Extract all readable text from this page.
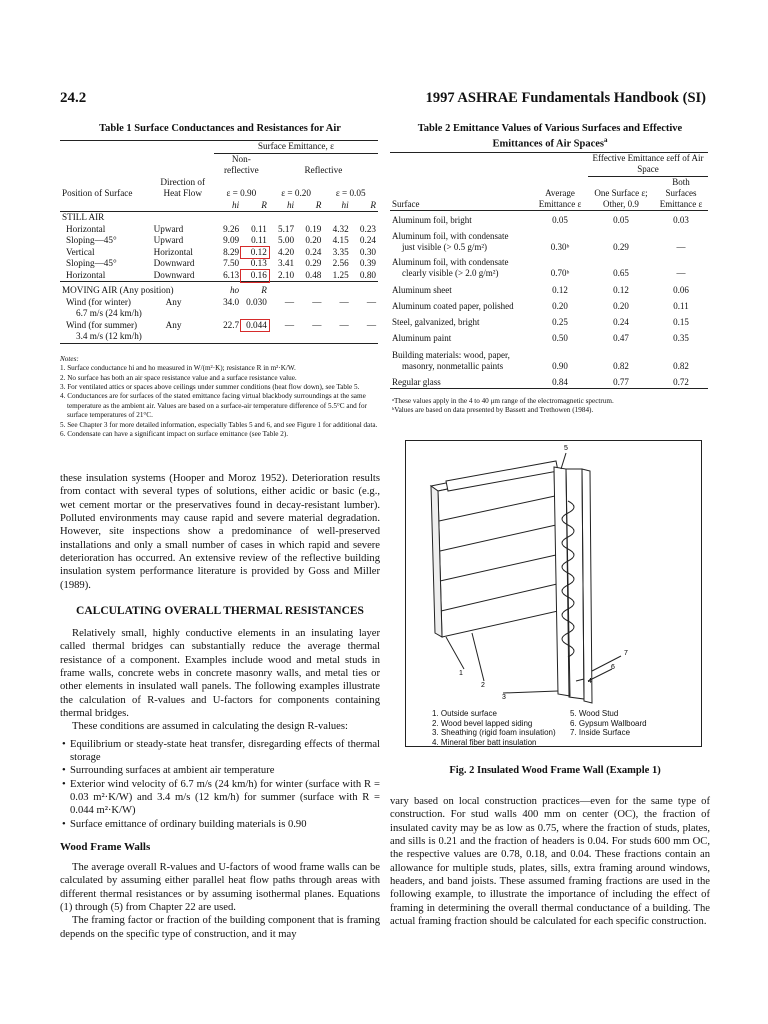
24.2	1997 ASHRAE Fundamentals Handbook (SI)
Table 1 Surface Conductances and Resistances for Air
		Surface Emittance, ε					
		Non-reflective		Reflective			
Position of Surface	Direction of Heat Flow	ε = 0.90		ε = 0.20		ε = 0.05	
		hi	R	hi	R	hi	R
STILL AIR							
Horizontal	Upward	9.26	0.11	5.17	0.19	4.32	0.23
Sloping—45°	Upward	9.09	0.11	5.00	0.20	4.15	0.24
Vertical	Horizontal	8.29	0.12	4.20	0.24	3.35	0.30
Sloping—45°	Downward	7.50	0.13	3.41	0.29	2.56	0.39
Horizontal	Downward	6.13	0.16	2.10	0.48	1.25	0.80
MOVING AIR (Any position)		ho	R				
Wind (for winter)	Any	34.0	0.030	—	—	—	—
6.7 m/s (24 km/h)							
Wind (for summer)	Any	22.7	0.044	—	—	—	—
3.4 m/s (12 km/h)							
Notes:
1. Surface conductance hi and ho measured in W/(m²·K); resistance R in m²·K/W.
2. No surface has both an air space resistance value and a surface resistance value.
3. For ventilated attics or spaces above ceilings under summer conditions (heat flow down), see Table 5.
4. Conductances are for surfaces of the stated emittance facing virtual blackbody surroundings at the same temperature as the ambient air. Values are based on a surface-air temperature difference of 5.5°C and for surface temperatures of 21°C.
5. See Chapter 3 for more detailed information, especially Tables 5 and 6, and see Figure 1 for additional data.
6. Condensate can have a significant impact on surface emittance (see Table 2).

these insulation systems (Hooper and Moroz 1952). Deterioration results from contact with several types of solutions, either acidic or basic (e.g., wet cement mortar or the preservatives found in decay-resistant lumber). Polluted environments may cause rapid and severe material degradation. However, site inspections show a predominance of well-preserved installations and only a small number of cases in which rapid and severe deterioration has occurred. An extensive review of the reflective building insulation system performance literature is provided by Goss and Miller (1989).

CALCULATING OVERALL THERMAL RESISTANCES

Relatively small, highly conductive elements in an insulating layer called thermal bridges can substantially reduce the average thermal resistance of a component. Examples include wood and metal studs in frame walls, concrete webs in concrete masonry walls, and metal ties or other elements in insulated wall panels. The following examples illustrate the calculation of R-values and U-factors for components containing thermal bridges.

These conditions are assumed in calculating the design R-values:

• Equilibrium or steady-state heat transfer, disregarding effects of thermal storage
• Surrounding surfaces at ambient air temperature
• Exterior wind velocity of 6.7 m/s (24 km/h) for winter (surface with R = 0.03 m²·K/W) and 3.4 m/s (12 km/h) for summer (surface with R = 0.044 m²·K/W)
• Surface emittance of ordinary building materials is 0.90
Wood Frame Walls

The average overall R-values and U-factors of wood frame walls can be calculated by assuming either parallel heat flow paths through areas with different thermal resistances or by assuming isothermal planes. Equations (1) through (5) from Chapter 22 are used.

The framing factor or fraction of the building component that is framing depends on the specific type of construction, and it may

Table 2 Emittance Values of Various Surfaces and Effective Emittances of Air Spaces$^a$
		Effective Emittance εeff of Air Space	
Surface	Average Emittance ε	One Surface ε; Other, 0.9	Both Surfaces Emittance ε
Aluminum foil, bright	0.05	0.05	0.03

Aluminum foil, with condensate
just visible (> 0.5 g/m²)	0.30ᵇ	0.29	—

Aluminum foil, with condensate
clearly visible (> 2.0 g/m²)	0.70ᵇ	0.65	—
Aluminum sheet	0.12	0.12	0.06
Aluminum coated paper, polished	0.20	0.20	0.11
Steel, galvanized, bright	0.25	0.24	0.15
Aluminum paint	0.50	0.47	0.35

Building materials: wood, paper,
masonry, nonmetallic paints	0.90	0.82	0.82
Regular glass	0.84	0.77	0.72
ᵃThese values apply in the 4 to 40 μm range of the electromagnetic spectrum.
ᵇValues are based on data presented by Bassett and Trethowen (1984).
5
7
6
1
2
3
4
1. Outside surface	5. Wood Stud
2. Wood bevel lapped siding	6. Gypsum Wallboard
3. Sheathing (rigid foam insulation)	7. Inside Surface
4. Mineral fiber batt insulation
Fig. 2 Insulated Wood Frame Wall (Example 1)

vary based on local construction practices—even for the same type of construction. For stud walls 400 mm on center (OC), the fraction of insulated cavity may be as low as 0.75, where the fraction of studs, plates, and sills is 0.21 and the fraction of headers is 0.04. For studs 600 mm OC, the respective values are 0.78, 0.18, and 0.04. These fractions contain an allowance for multiple studs, plates, sills, extra framing around windows, headers, and band joists. These assumed framing fractions are used in the following example, to illustrate the importance of including the effect of framing in determining the overall thermal conductance of a building. The actual framing fraction should be calculated for each specific construction.
